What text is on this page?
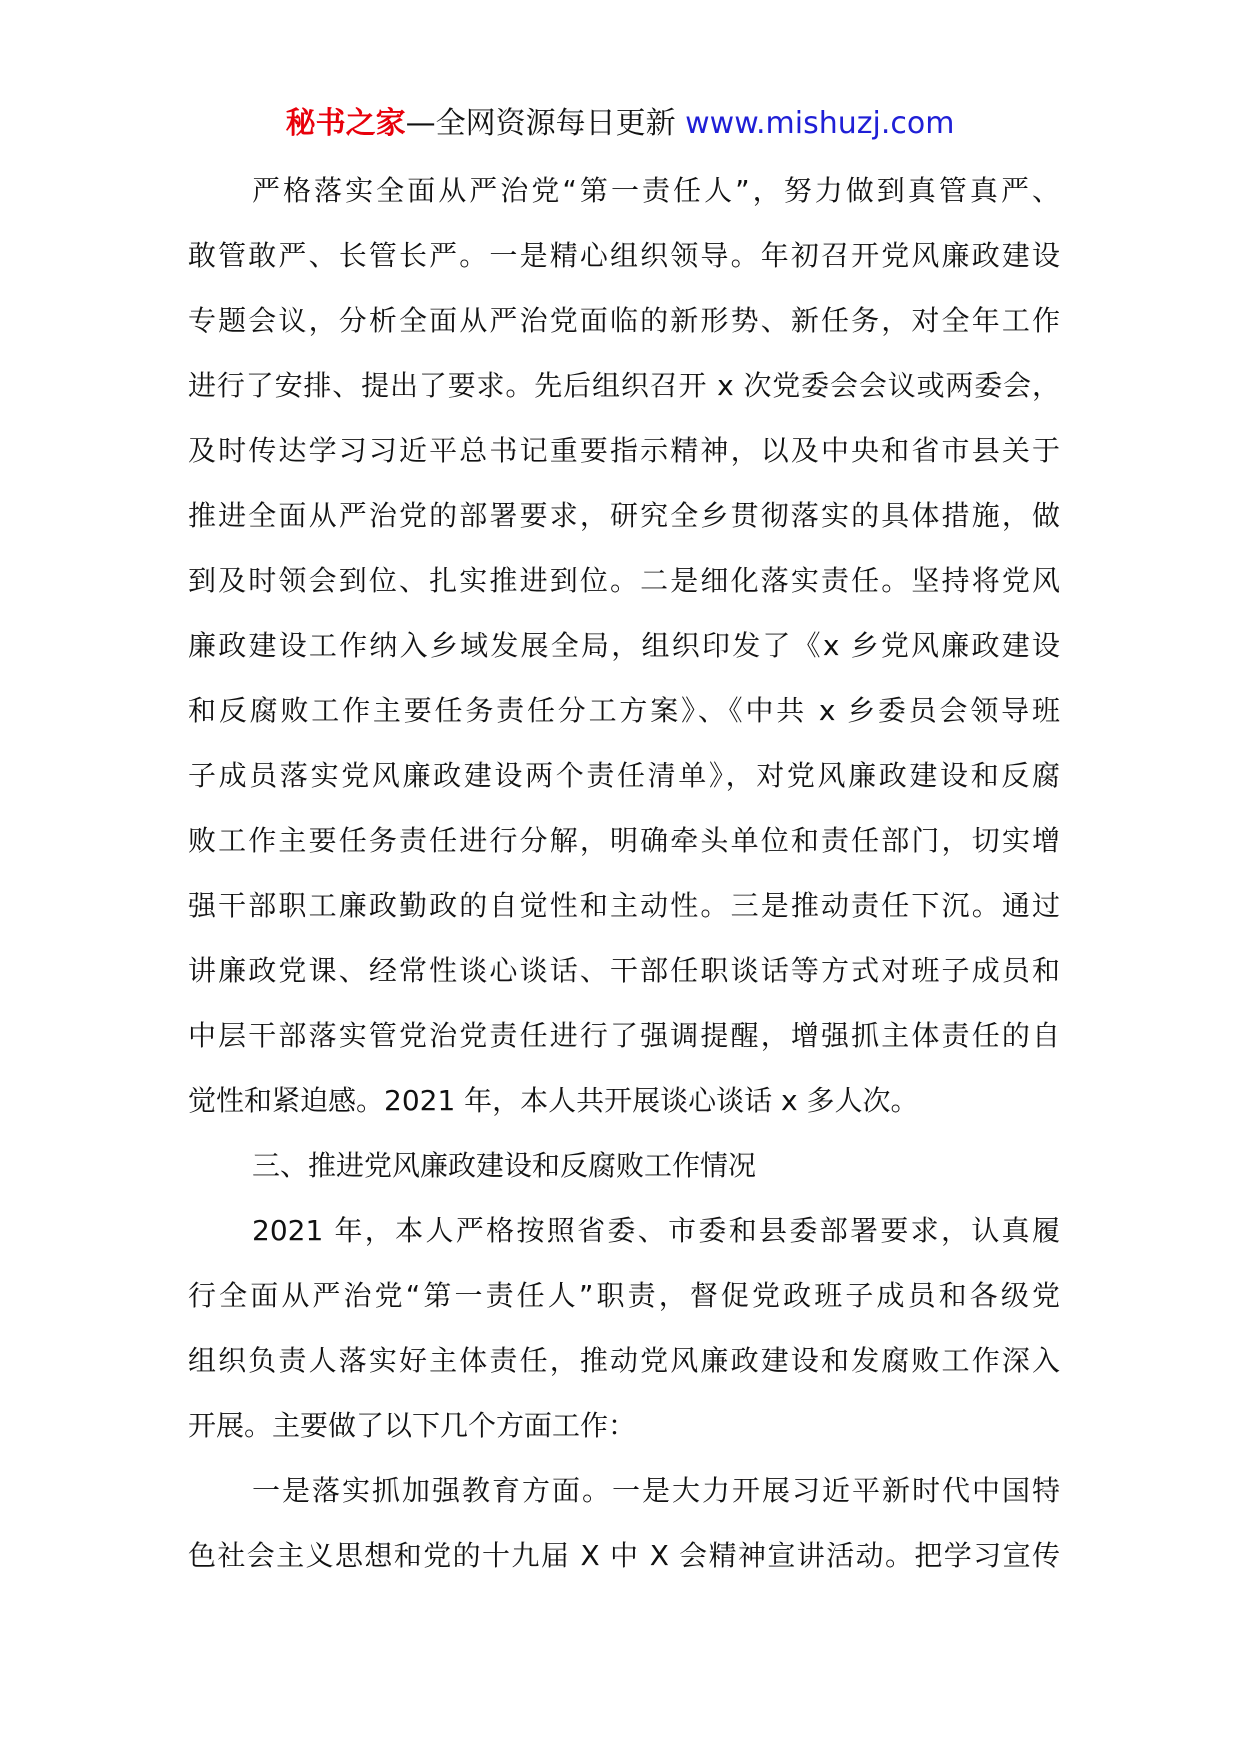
秘书之家—全网资源每日更新 www.mishuzj.com
严格落实全面从严治党“第一责任人”，努力做到真管真严、
敢管敢严、长管长严。一是精心组织领导。年初召开党风廉政建设
专题会议，分析全面从严治党面临的新形势、新任务，对全年工作
进行了安排、提出了要求。先后组织召开 x 次党委会会议或两委会，
及时传达学习习近平总书记重要指示精神，以及中央和省市县关于
推进全面从严治党的部署要求，研究全乡贯彻落实的具体措施，做
到及时领会到位、扎实推进到位。二是细化落实责任。坚持将党风
廉政建设工作纳入乡域发展全局，组织印发了《x 乡党风廉政建设
和反腐败工作主要任务责任分工方案》、《中共 x 乡委员会领导班
子成员落实党风廉政建设两个责任清单》，对党风廉政建设和反腐
败工作主要任务责任进行分解，明确牵头单位和责任部门，切实增
强干部职工廉政勤政的自觉性和主动性。三是推动责任下沉。通过
讲廉政党课、经常性谈心谈话、干部任职谈话等方式对班子成员和
中层干部落实管党治党责任进行了强调提醒，增强抓主体责任的自
觉性和紧迫感。2021 年，本人共开展谈心谈话 x 多人次。
三、推进党风廉政建设和反腐败工作情况
2021 年，本人严格按照省委、市委和县委部署要求，认真履
行全面从严治党“第一责任人”职责，督促党政班子成员和各级党
组织负责人落实好主体责任，推动党风廉政建设和发腐败工作深入
开展。主要做了以下几个方面工作：
一是落实抓加强教育方面。一是大力开展习近平新时代中国特
色社会主义思想和党的十九届 X 中 X 会精神宣讲活动。把学习宣传
